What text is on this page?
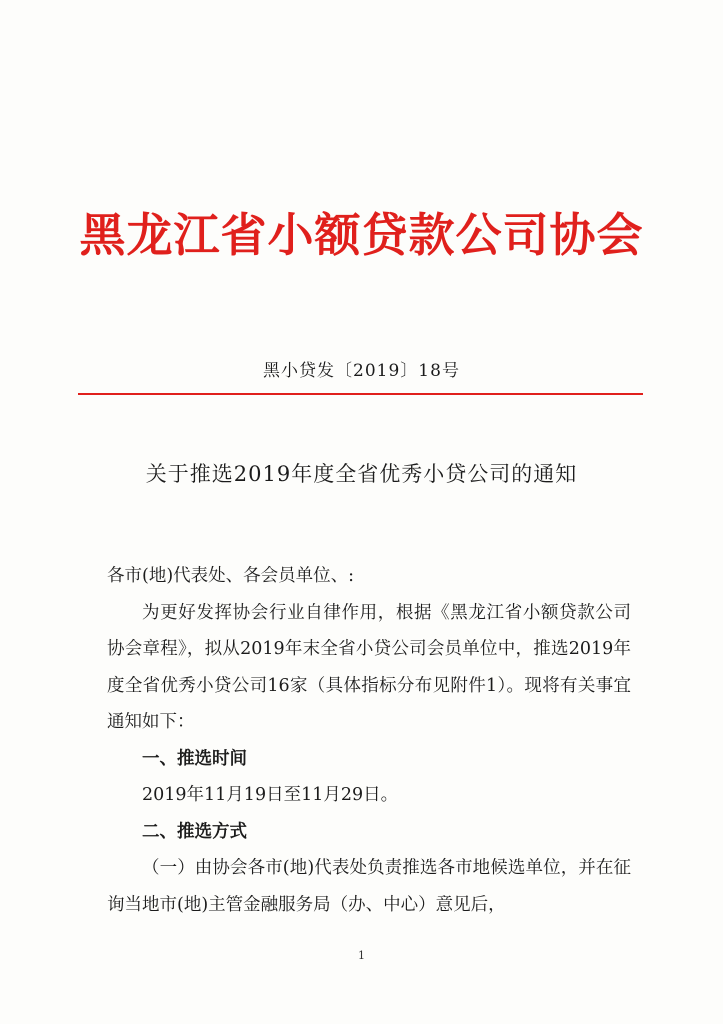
黑龙江省小额贷款公司协会
黑小贷发〔2019〕18号
关于推选2019年度全省优秀小贷公司的通知

各市(地)代表处、各会员单位、:

为更好发挥协会行业自律作用，根据《黑龙江省小额贷款公司协会章程》，拟从2019年末全省小贷公司会员单位中，推选2019年度全省优秀小贷公司16家（具体指标分布见附件1）。现将有关事宜通知如下：

一、推选时间

2019年11月19日至11月29日。

二、推选方式

（一）由协会各市(地)代表处负责推选各市地候选单位，并在征询当地市(地)主管金融服务局（办、中心）意见后，

1
